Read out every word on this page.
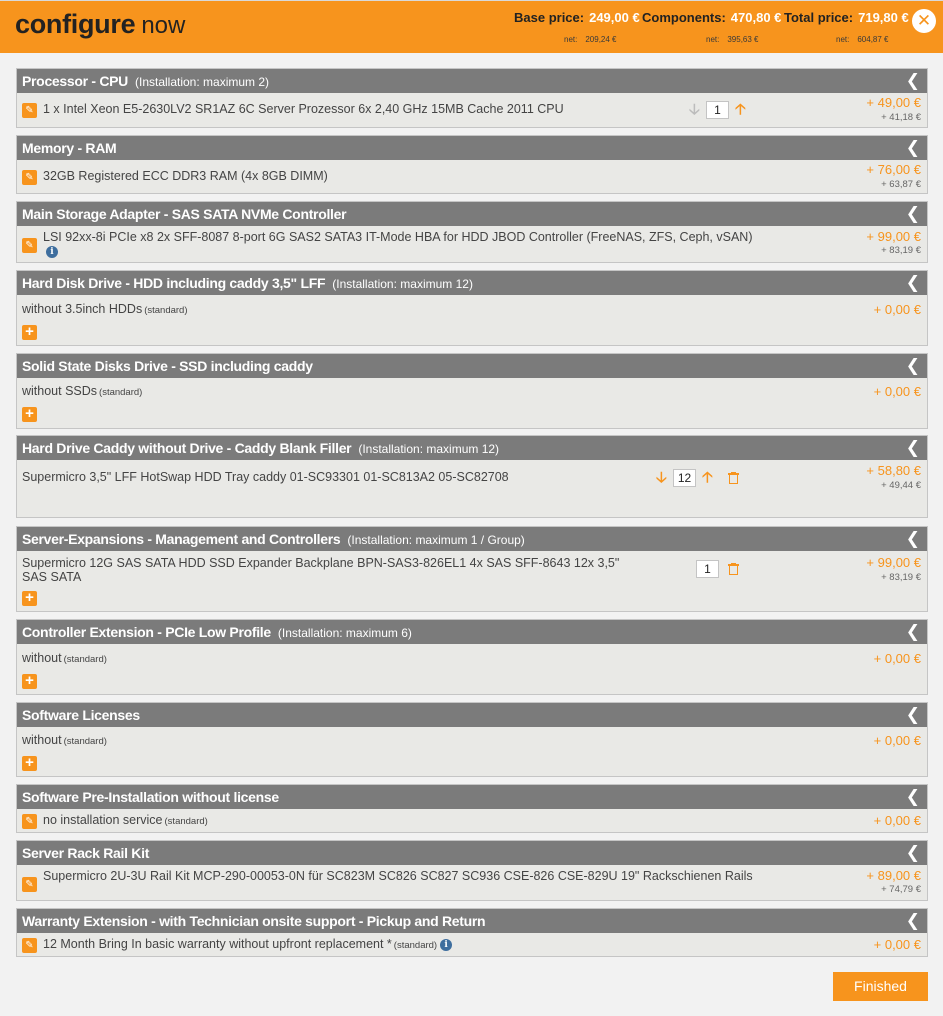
configure now	Base price: 249,00 €
net: 209,24 €
Components: 470,80 €
net: 395,63 €
Total price: 719,80 €
net: 604,87 €
✕
Processor - CPU (Installation: maximum 2)	❮
✎ 1 x Intel Xeon E5-2630LV2 SR1AZ 6C Server Prozessor 6x 2,40 GHz 15MB Cache 2011 CPU	🡣	1 🡡	+ 49,00 €
+ 41,18 €
Memory - RAM	❮
✎ 32GB Registered ECC DDR3 RAM (4x 8GB DIMM)	+ 76,00 €
+ 63,87 €
Main Storage Adapter - SAS SATA NVMe Controller	❮
✎
LSI 92xx-8i PCIe x8 2x SFF-8087 8-port 6G SAS2 SATA3 IT-Mode HBA for HDD JBOD Controller (FreeNAS, ZFS, Ceph, vSAN)i
+ 99,00 €
+ 83,19 €
Hard Disk Drive - HDD including caddy 3,5" LFF (Installation: maximum 12)	❮
without 3.5inch HDDs (standard)	+ 0,00 €
+
Solid State Disks Drive - SSD including caddy	❮
without SSDs (standard)	+ 0,00 €
+
Hard Drive Caddy without Drive - Caddy Blank Filler (Installation: maximum 12)	❮
Supermicro 3,5" LFF HotSwap HDD Tray caddy 01-SC93301 01-SC813A2 05-SC82708	🡣 12 🡡	+ 58,80 €
+ 49,44 €
Server-Expansions - Management and Controllers (Installation: maximum 1 / Group)	❮
Supermicro 12G SAS SATA HDD SSD Expander Backplane BPN-SAS3-826EL1 4x SAS SFF-8643 12x 3,5" SAS SATA
1	+ 99,00 €
+ 83,19 €
+
Controller Extension - PCIe Low Profile (Installation: maximum 6)	❮
without (standard)	+ 0,00 €
+
Software Licenses	❮
without (standard)	+ 0,00 €
+
Software Pre-Installation without license	❮
✎ no installation service (standard)	+ 0,00 €
Server Rack Rail Kit	❮
✎
Supermicro 2U-3U Rail Kit MCP-290-00053-0N für SC823M SC826 SC827 SC936 CSE-826 CSE-829U 19" Rackschienen Rails	+ 89,00 €
+ 74,79 €
Warranty Extension - with Technician onsite support - Pickup and Return	❮
✎ 12 Month Bring In basic warranty without upfront replacement * (standard) i	+ 0,00 €
Finished
